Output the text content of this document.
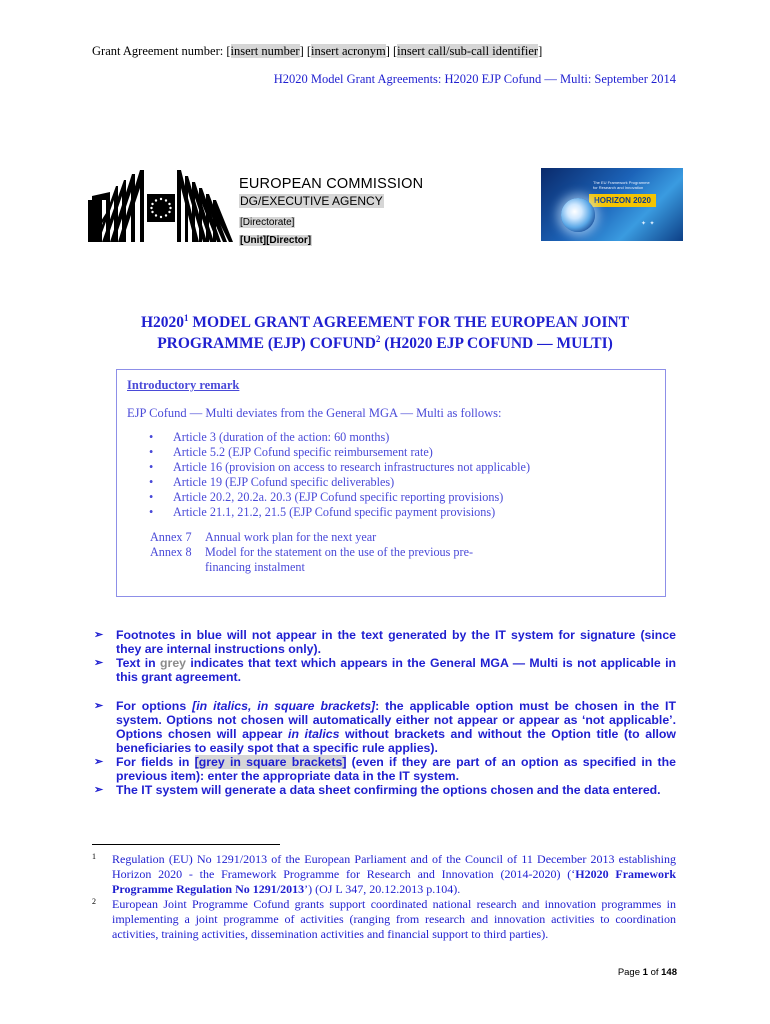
Grant Agreement number: [insert number] [insert acronym] [insert call/sub-call identifier]
H2020 Model Grant Agreements: H2020 EJP Cofund — Multi: September 2014
EUROPEAN COMMISSION
DG/EXECUTIVE AGENCY
[Directorate]
[Unit][Director]
The EU Framework Programme for Research and Innovation
HORIZON 2020
✦ ✦
H2020$^1$ MODEL GRANT AGREEMENT FOR THE EUROPEAN JOINT
PROGRAMME (EJP) COFUND$^2$ (H2020 EJP COFUND — MULTI)
Introductory remark
EJP Cofund — Multi deviates from the General MGA — Multi as follows:
• Article 3 (duration of the action: 60 months)
• Article 5.2 (EJP Cofund specific reimbursement rate)
• Article 16 (provision on access to research infrastructures not applicable)
• Article 19 (EJP Cofund specific deliverables)
• Article 20.2, 20.2a. 20.3 (EJP Cofund specific reporting provisions)
• Article 21.1, 21.2, 21.5 (EJP Cofund specific payment provisions)
Annex 7	Annual work plan for the next year
Annex 8	Model for the statement on the use of the previous pre-financing instalment
➢ Footnotes in blue will not appear in the text generated by the IT system for signature (since they are internal instructions only).
➢ Text in grey indicates that text which appears in the General MGA — Multi is not applicable in this grant agreement.
➢ For options [in italics, in square brackets]: the applicable option must be chosen in the IT system. Options not chosen will automatically either not appear or appear as ‘not applicable’. Options chosen will appear in italics without brackets and without the Option title (to allow beneficiaries to easily spot that a specific rule applies).
➢ For fields in [grey in square brackets] (even if they are part of an option as specified in the previous item): enter the appropriate data in the IT system.
➢ The IT system will generate a data sheet confirming the options chosen and the data entered.
1 Regulation (EU) No 1291/2013 of the European Parliament and of the Council of 11 December 2013 establishing Horizon 2020 - the Framework Programme for Research and Innovation (2014-2020) (‘H2020 Framework Programme Regulation No 1291/2013’) (OJ L 347, 20.12.2013 p.104).
2 European Joint Programme Cofund grants support coordinated national research and innovation programmes in implementing a joint programme of activities (ranging from research and innovation activities to coordination activities, training activities, dissemination activities and financial support to third parties).
Page 1 of 148
